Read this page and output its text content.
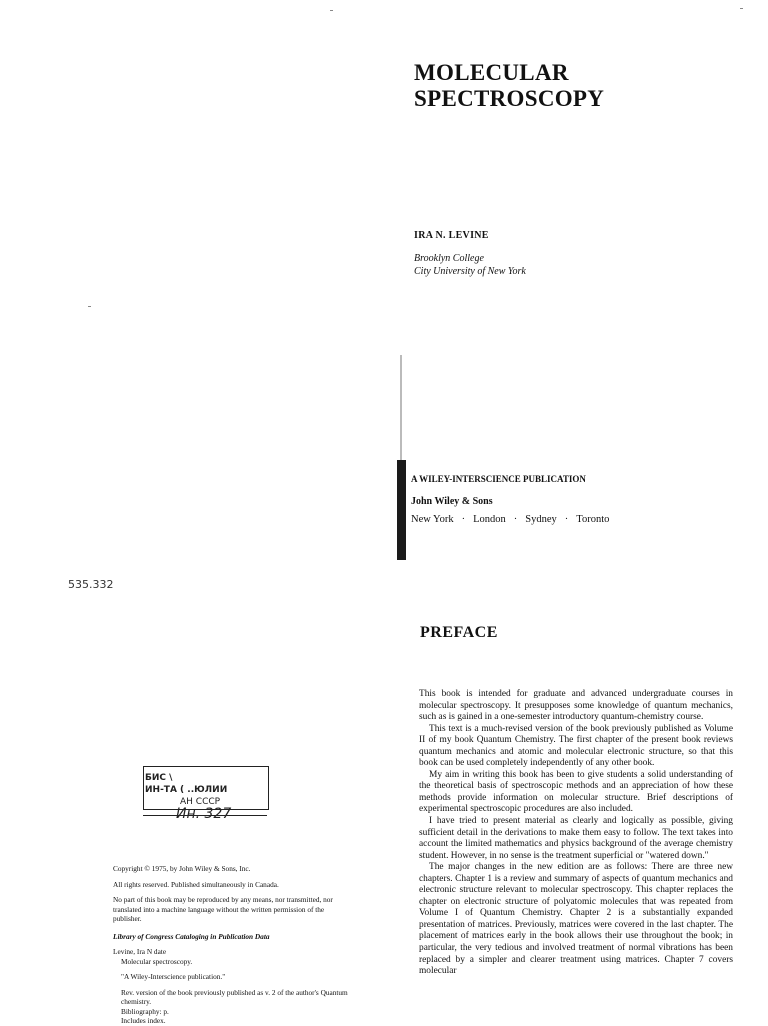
MOLECULAR
SPECTROSCOPY
IRA N. LEVINE
Brooklyn College
City University of New York
A WILEY-INTERSCIENCE PUBLICATION
John Wiley & Sons
New York · London · Sydney · Toronto
535.332
БИС \
ИН-ТА ( ..ЮЛИИ
АН СССР
Ин. 327

Copyright © 1975, by John Wiley & Sons, Inc.

All rights reserved. Published simultaneously in Canada.

No part of this book may be reproduced by any means, nor transmitted, nor translated into a machine language without the written permission of the publisher.

Library of Congress Cataloging in Publication Data

Levine, Ira N date
Molecular spectroscopy.
"A Wiley-Interscience publication."
Rev. version of the book previously published as v. 2 of the author's Quantum chemistry.
Bibliography: p.
Includes index.
PREFACE

This book is intended for graduate and advanced undergraduate courses in molecular spectroscopy. It presupposes some knowledge of quantum mechanics, such as is gained in a one-semester introductory quantum-chemistry course.

This text is a much-revised version of the book previously published as Volume II of my book Quantum Chemistry. The first chapter of the present book reviews quantum mechanics and atomic and molecular electronic structure, so that this book can be used completely independently of any other book.

My aim in writing this book has been to give students a solid understanding of the theoretical basis of spectroscopic methods and an appreciation of how these methods provide information on molecular structure. Brief descriptions of experimental spectroscopic procedures are also included.

I have tried to present material as clearly and logically as possible, giving sufficient detail in the derivations to make them easy to follow. The text takes into account the limited mathematics and physics background of the average chemistry student. However, in no sense is the treatment superficial or "watered down."

The major changes in the new edition are as follows: There are three new chapters. Chapter 1 is a review and summary of aspects of quantum mechanics and electronic structure relevant to molecular spectroscopy. This chapter replaces the chapter on electronic structure of polyatomic molecules that was repeated from Volume I of Quantum Chemistry. Chapter 2 is a substantially expanded presentation of matrices. Previously, matrices were covered in the last chapter. The placement of matrices early in the book allows their use throughout the book; in particular, the very tedious and involved treatment of normal vibrations has been replaced by a simpler and clearer treatment using matrices. Chapter 7 covers molecular
